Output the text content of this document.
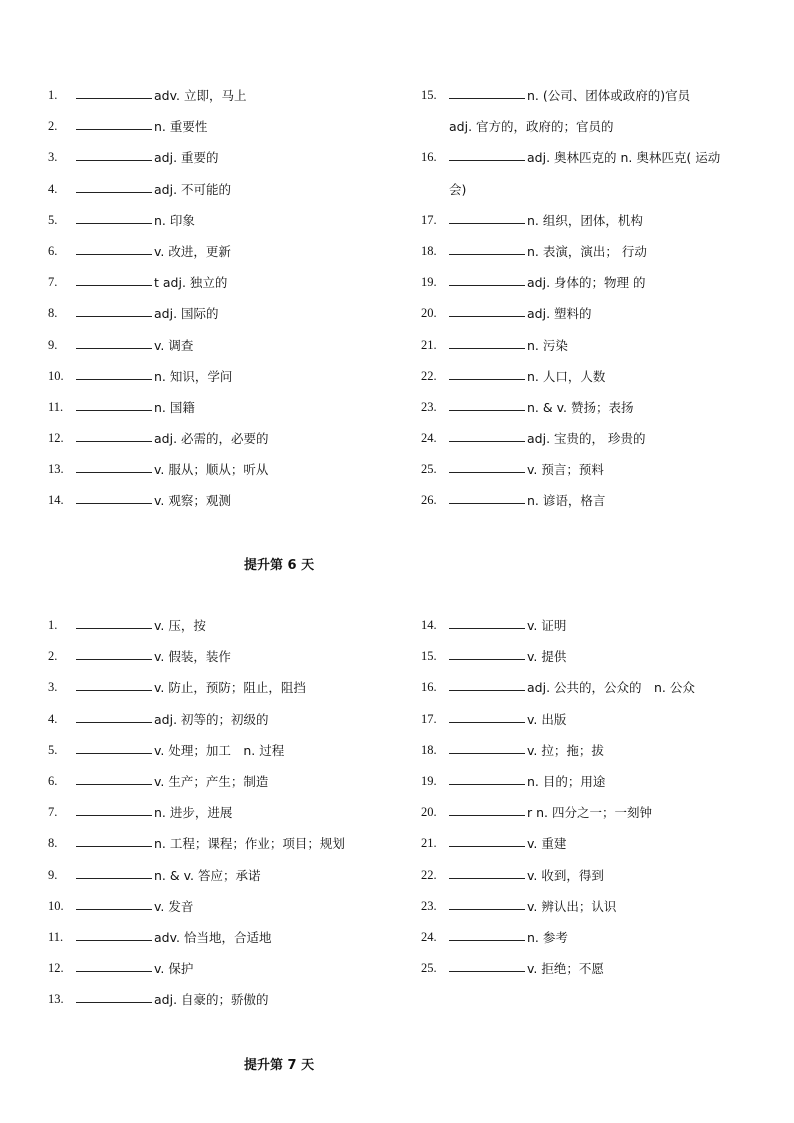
1.	adv. 立即，马上
2.	n. 重要性
3.	adj. 重要的
4.	adj. 不可能的
5.	n. 印象
6.	v. 改进，更新
7.	t adj. 独立的
8.	adj. 国际的
9.	v. 调查
10.	n. 知识，学问
11.	n. 国籍
12.	adj. 必需的，必要的
13.	v. 服从；顺从；听从
14.	v. 观察；观测
15.	n. (公司、团体或政府的)官员
adj. 官方的，政府的；官员的
16.	adj. 奥林匹克的 n. 奥林匹克( 运动
会)
17.	n. 组织，团体，机构
18.	n. 表演，演出； 行动
19.	adj. 身体的；物理 的
20.	adj. 塑料的
21.	n. 污染
22.	n. 人口，人数
23.	n. & v. 赞扬；表扬
24.	adj. 宝贵的， 珍贵的
25.	v. 预言；预料
26.	n. 谚语，格言
提升第 6 天
1.	v. 压，按
2.	v. 假装，装作
3.	v. 防止，预防；阻止，阻挡
4.	adj. 初等的；初级的
5.	v. 处理；加工　n. 过程
6.	v. 生产；产生；制造
7.	n. 进步，进展
8.	n. 工程；课程；作业；项目；规划
9.	n. & v. 答应；承诺
10.	v. 发音
11.	adv. 恰当地，合适地
12.	v. 保护
13.	adj. 自豪的；骄傲的
14.	v. 证明
15.	v. 提供
16.	adj. 公共的，公众的　n. 公众
17.	v. 出版
18.	v. 拉；拖；拔
19.	n. 目的；用途
20.	r n. 四分之一；一刻钟
21.	v. 重建
22.	v. 收到，得到
23.	v. 辨认出；认识
24.	n. 参考
25.	v. 拒绝；不愿
提升第 7 天
